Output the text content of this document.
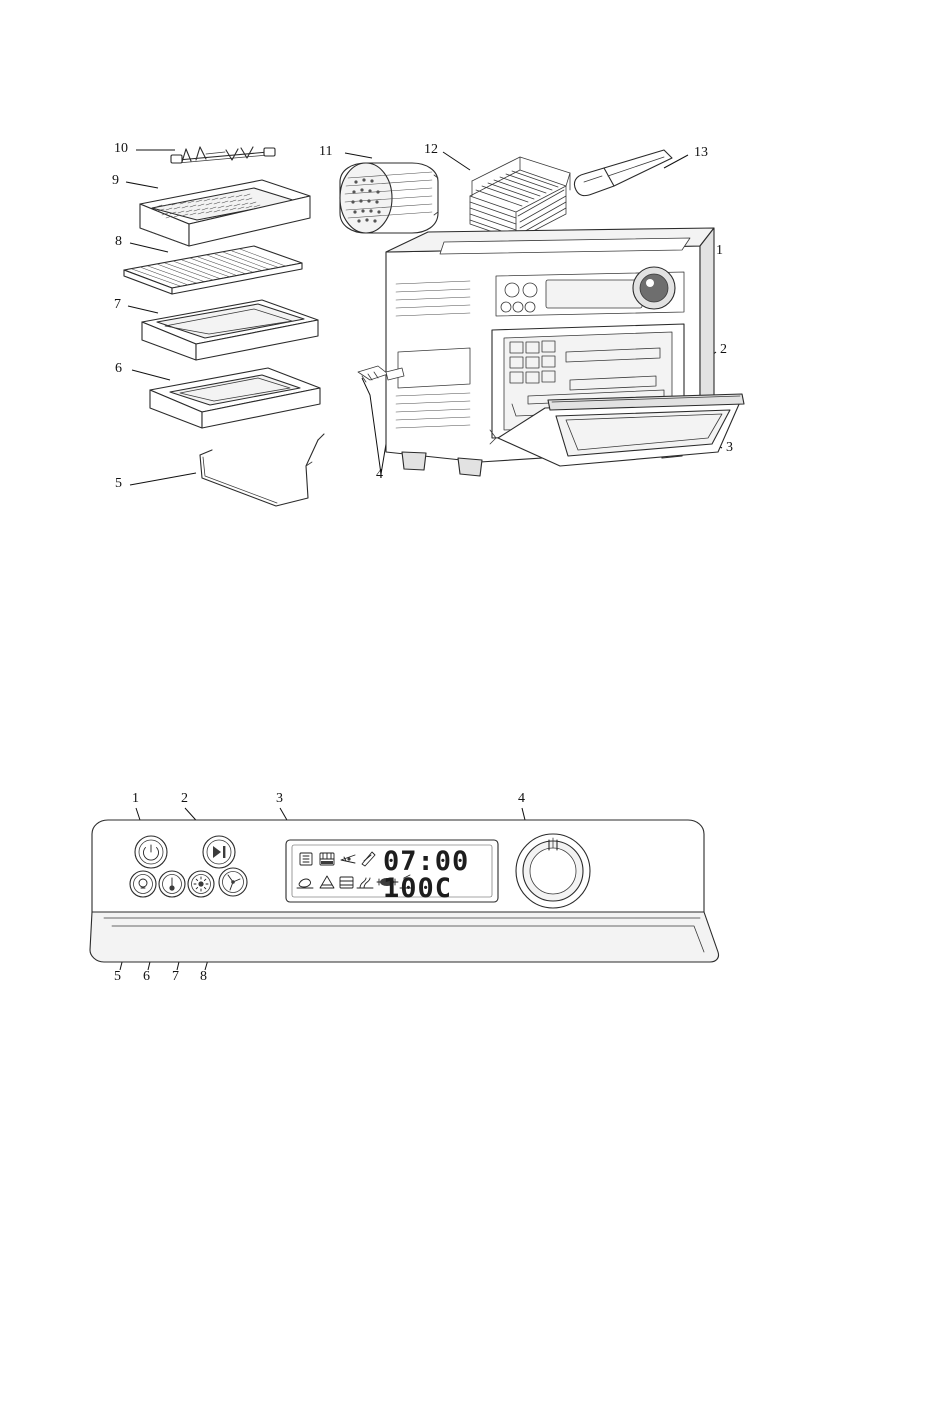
10
9
8
7
6
5
11	12	13
1
2
3
4
07:00
100C
1	2	3	4
5 6 7 8
